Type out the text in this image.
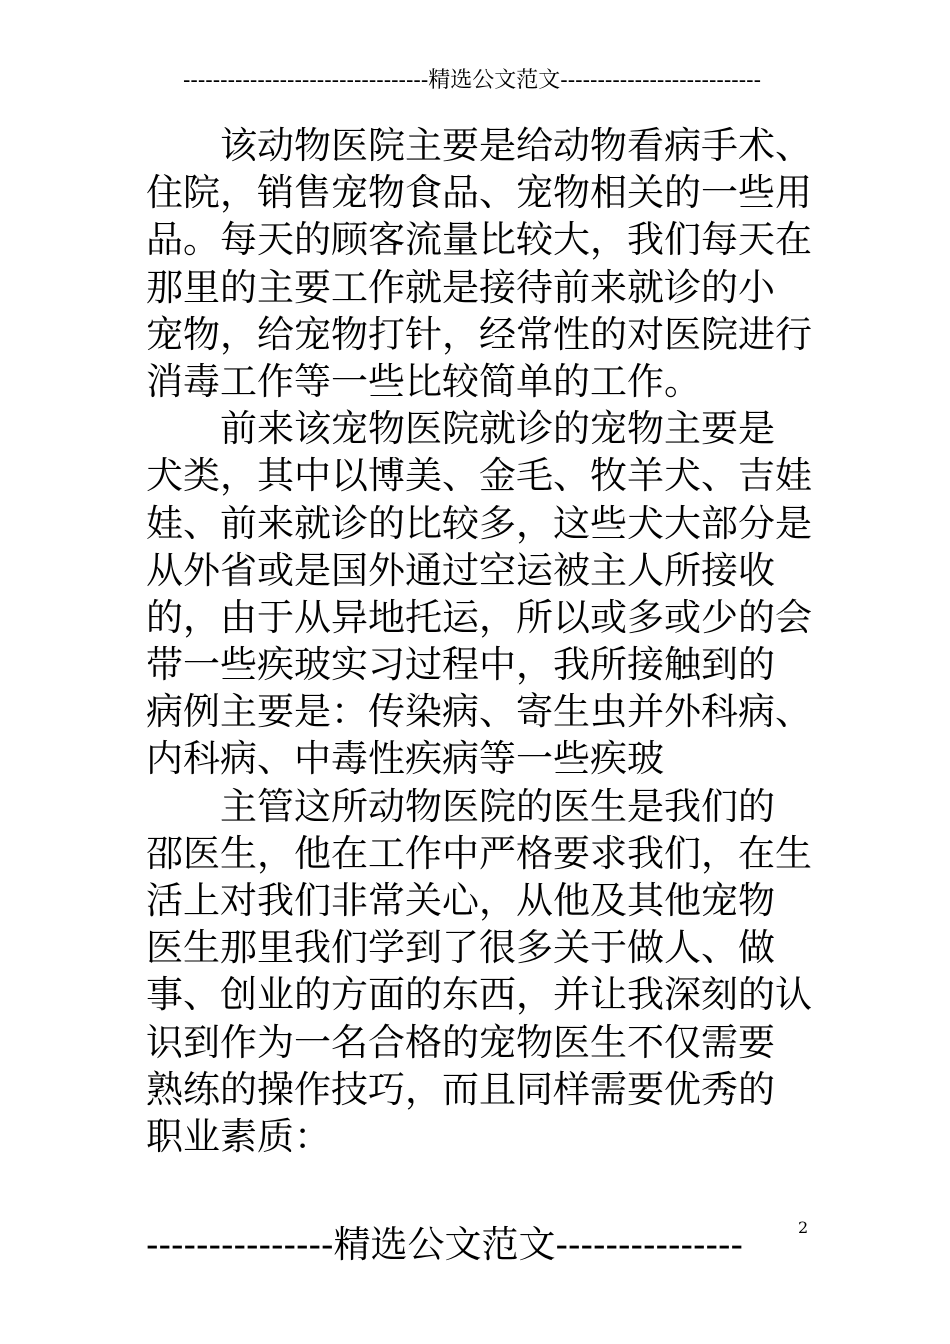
---------------------------------精选公文范文---------------------------
该动物医院主要是给动物看病手术、
住院，销售宠物食品、宠物相关的一些用
品。每天的顾客流量比较大，我们每天在
那里的主要工作就是接待前来就诊的小
宠物，给宠物打针，经常性的对医院进行
消毒工作等一些比较简单的工作。
前来该宠物医院就诊的宠物主要是
犬类，其中以博美、金毛、牧羊犬、吉娃
娃、前来就诊的比较多，这些犬大部分是
从外省或是国外通过空运被主人所接收
的，由于从异地托运，所以或多或少的会
带一些疾玻实习过程中，我所接触到的
病例主要是：传染病、寄生虫并外科病、
内科病、中毒性疾病等一些疾玻
主管这所动物医院的医生是我们的
邵医生，他在工作中严格要求我们，在生
活上对我们非常关心，从他及其他宠物
医生那里我们学到了很多关于做人、做
事、创业的方面的东西，并让我深刻的认
识到作为一名合格的宠物医生不仅需要
熟练的操作技巧，而且同样需要优秀的
职业素质：
---------------精选公文范文---------------	2
